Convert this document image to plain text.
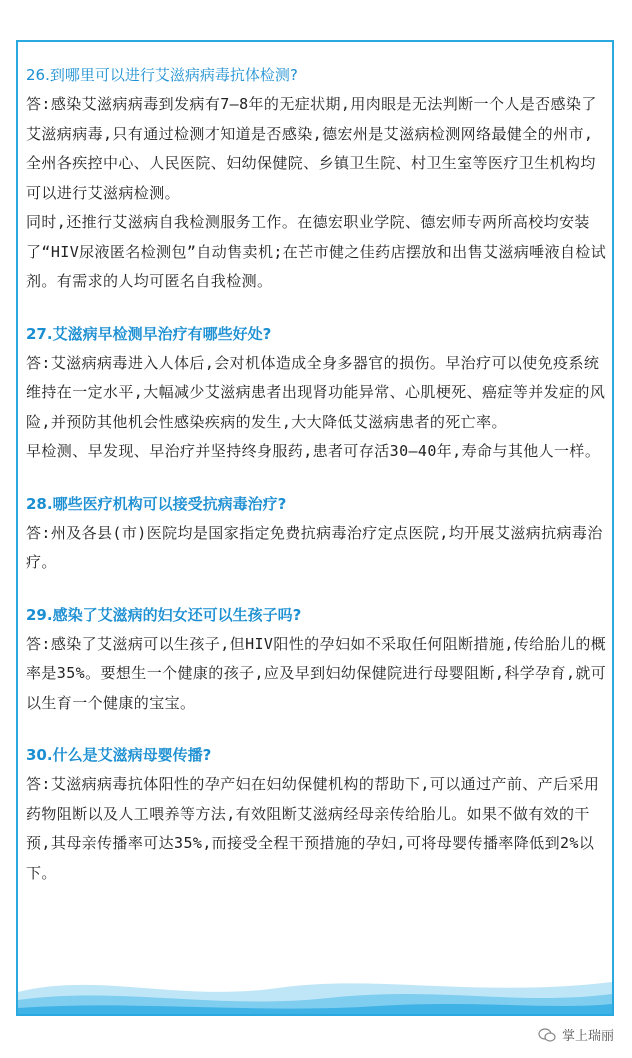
26.到哪里可以进行艾滋病病毒抗体检测?

答:感染艾滋病病毒到发病有7—8年的无症状期,用肉眼是无法判断一个人是否感染了艾滋病病毒,只有通过检测才知道是否感染,德宏州是艾滋病检测网络最健全的州市,全州各疾控中心、人民医院、妇幼保健院、乡镇卫生院、村卫生室等医疗卫生机构均可以进行艾滋病检测。

同时,还推行艾滋病自我检测服务工作。在德宏职业学院、德宏师专两所高校均安装了“HIV尿液匿名检测包”自动售卖机;在芒市健之佳药店摆放和出售艾滋病唾液自检试剂。有需求的人均可匿名自我检测。

27.艾滋病早检测早治疗有哪些好处?

答:艾滋病病毒进入人体后,会对机体造成全身多器官的损伤。早治疗可以使免疫系统维持在一定水平,大幅减少艾滋病患者出现肾功能异常、心肌梗死、癌症等并发症的风险,并预防其他机会性感染疾病的发生,大大降低艾滋病患者的死亡率。

早检测、早发现、早治疗并坚持终身服药,患者可存活30—40年,寿命与其他人一样。

28.哪些医疗机构可以接受抗病毒治疗?

答:州及各县(市)医院均是国家指定免费抗病毒治疗定点医院,均开展艾滋病抗病毒治疗。

29.感染了艾滋病的妇女还可以生孩子吗?

答:感染了艾滋病可以生孩子,但HIV阳性的孕妇如不采取任何阻断措施,传给胎儿的概率是35%。要想生一个健康的孩子,应及早到妇幼保健院进行母婴阻断,科学孕育,就可以生育一个健康的宝宝。

30.什么是艾滋病母婴传播?

答:艾滋病病毒抗体阳性的孕产妇在妇幼保健机构的帮助下,可以通过产前、产后采用药物阻断以及人工喂养等方法,有效阻断艾滋病经母亲传给胎儿。如果不做有效的干预,其母亲传播率可达35%,而接受全程干预措施的孕妇,可将母婴传播率降低到2%以下。

掌上瑞丽
